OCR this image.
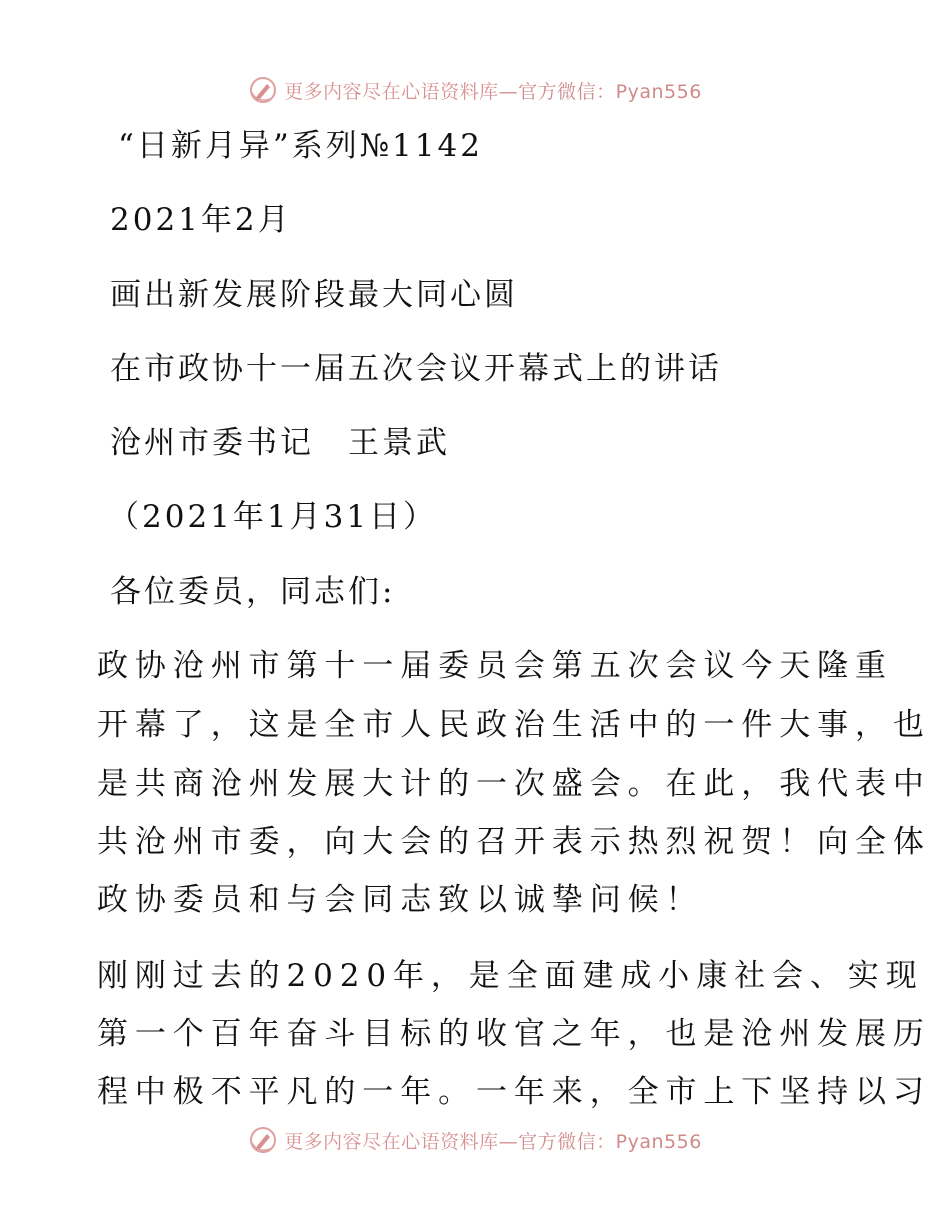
更多内容尽在心语资料库—官方微信：Pyan556
“日新月异”系列№1142
2021年2月
画出新发展阶段最大同心圆
在市政协十一届五次会议开幕式上的讲话
沧州市委书记　王景武
（2021年1月31日）
各位委员，同志们:
政协沧州市第十一届委员会第五次会议今天隆重
开幕了，这是全市人民政治生活中的一件大事，也
是共商沧州发展大计的一次盛会。在此，我代表中
共沧州市委，向大会的召开表示热烈祝贺！向全体
政协委员和与会同志致以诚挚问候！
刚刚过去的2020年，是全面建成小康社会、实现
第一个百年奋斗目标的收官之年，也是沧州发展历
程中极不平凡的一年。一年来，全市上下坚持以习
更多内容尽在心语资料库—官方微信：Pyan556
